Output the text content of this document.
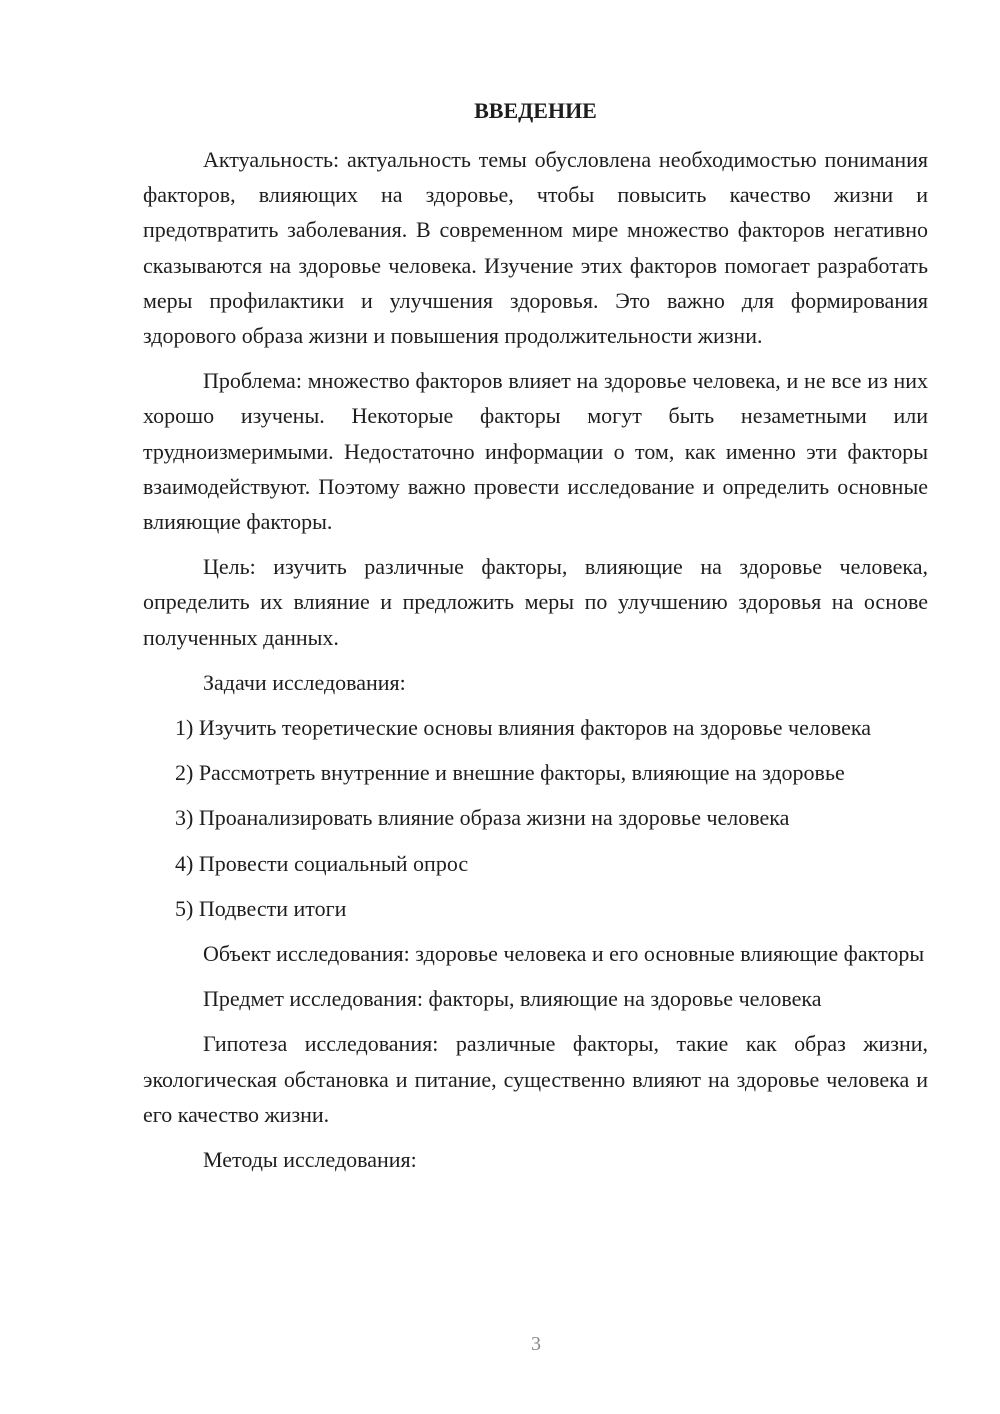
ВВЕДЕНИЕ

Актуальность: актуальность темы обусловлена необходимостью понимания факторов, влияющих на здоровье, чтобы повысить качество жизни и предотвратить заболевания. В современном мире множество факторов негативно сказываются на здоровье человека. Изучение этих факторов помогает разработать меры профилактики и улучшения здоровья. Это важно для формирования здорового образа жизни и повышения продолжительности жизни.

Проблема: множество факторов влияет на здоровье человека, и не все из них хорошо изучены. Некоторые факторы могут быть незаметными или трудноизмеримыми. Недостаточно информации о том, как именно эти факторы взаимодействуют. Поэтому важно провести исследование и определить основные влияющие факторы.

Цель: изучить различные факторы, влияющие на здоровье человека, определить их влияние и предложить меры по улучшению здоровья на основе полученных данных.

Задачи исследования:

1) Изучить теоретические основы влияния факторов на здоровье человека

2) Рассмотреть внутренние и внешние факторы, влияющие на здоровье

3) Проанализировать влияние образа жизни на здоровье человека

4) Провести социальный опрос

5) Подвести итоги

Объект исследования: здоровье человека и его основные влияющие факторы

Предмет исследования: факторы, влияющие на здоровье человека

Гипотеза исследования: различные факторы, такие как образ жизни, экологическая обстановка и питание, существенно влияют на здоровье человека и его качество жизни.

Методы исследования:

3
